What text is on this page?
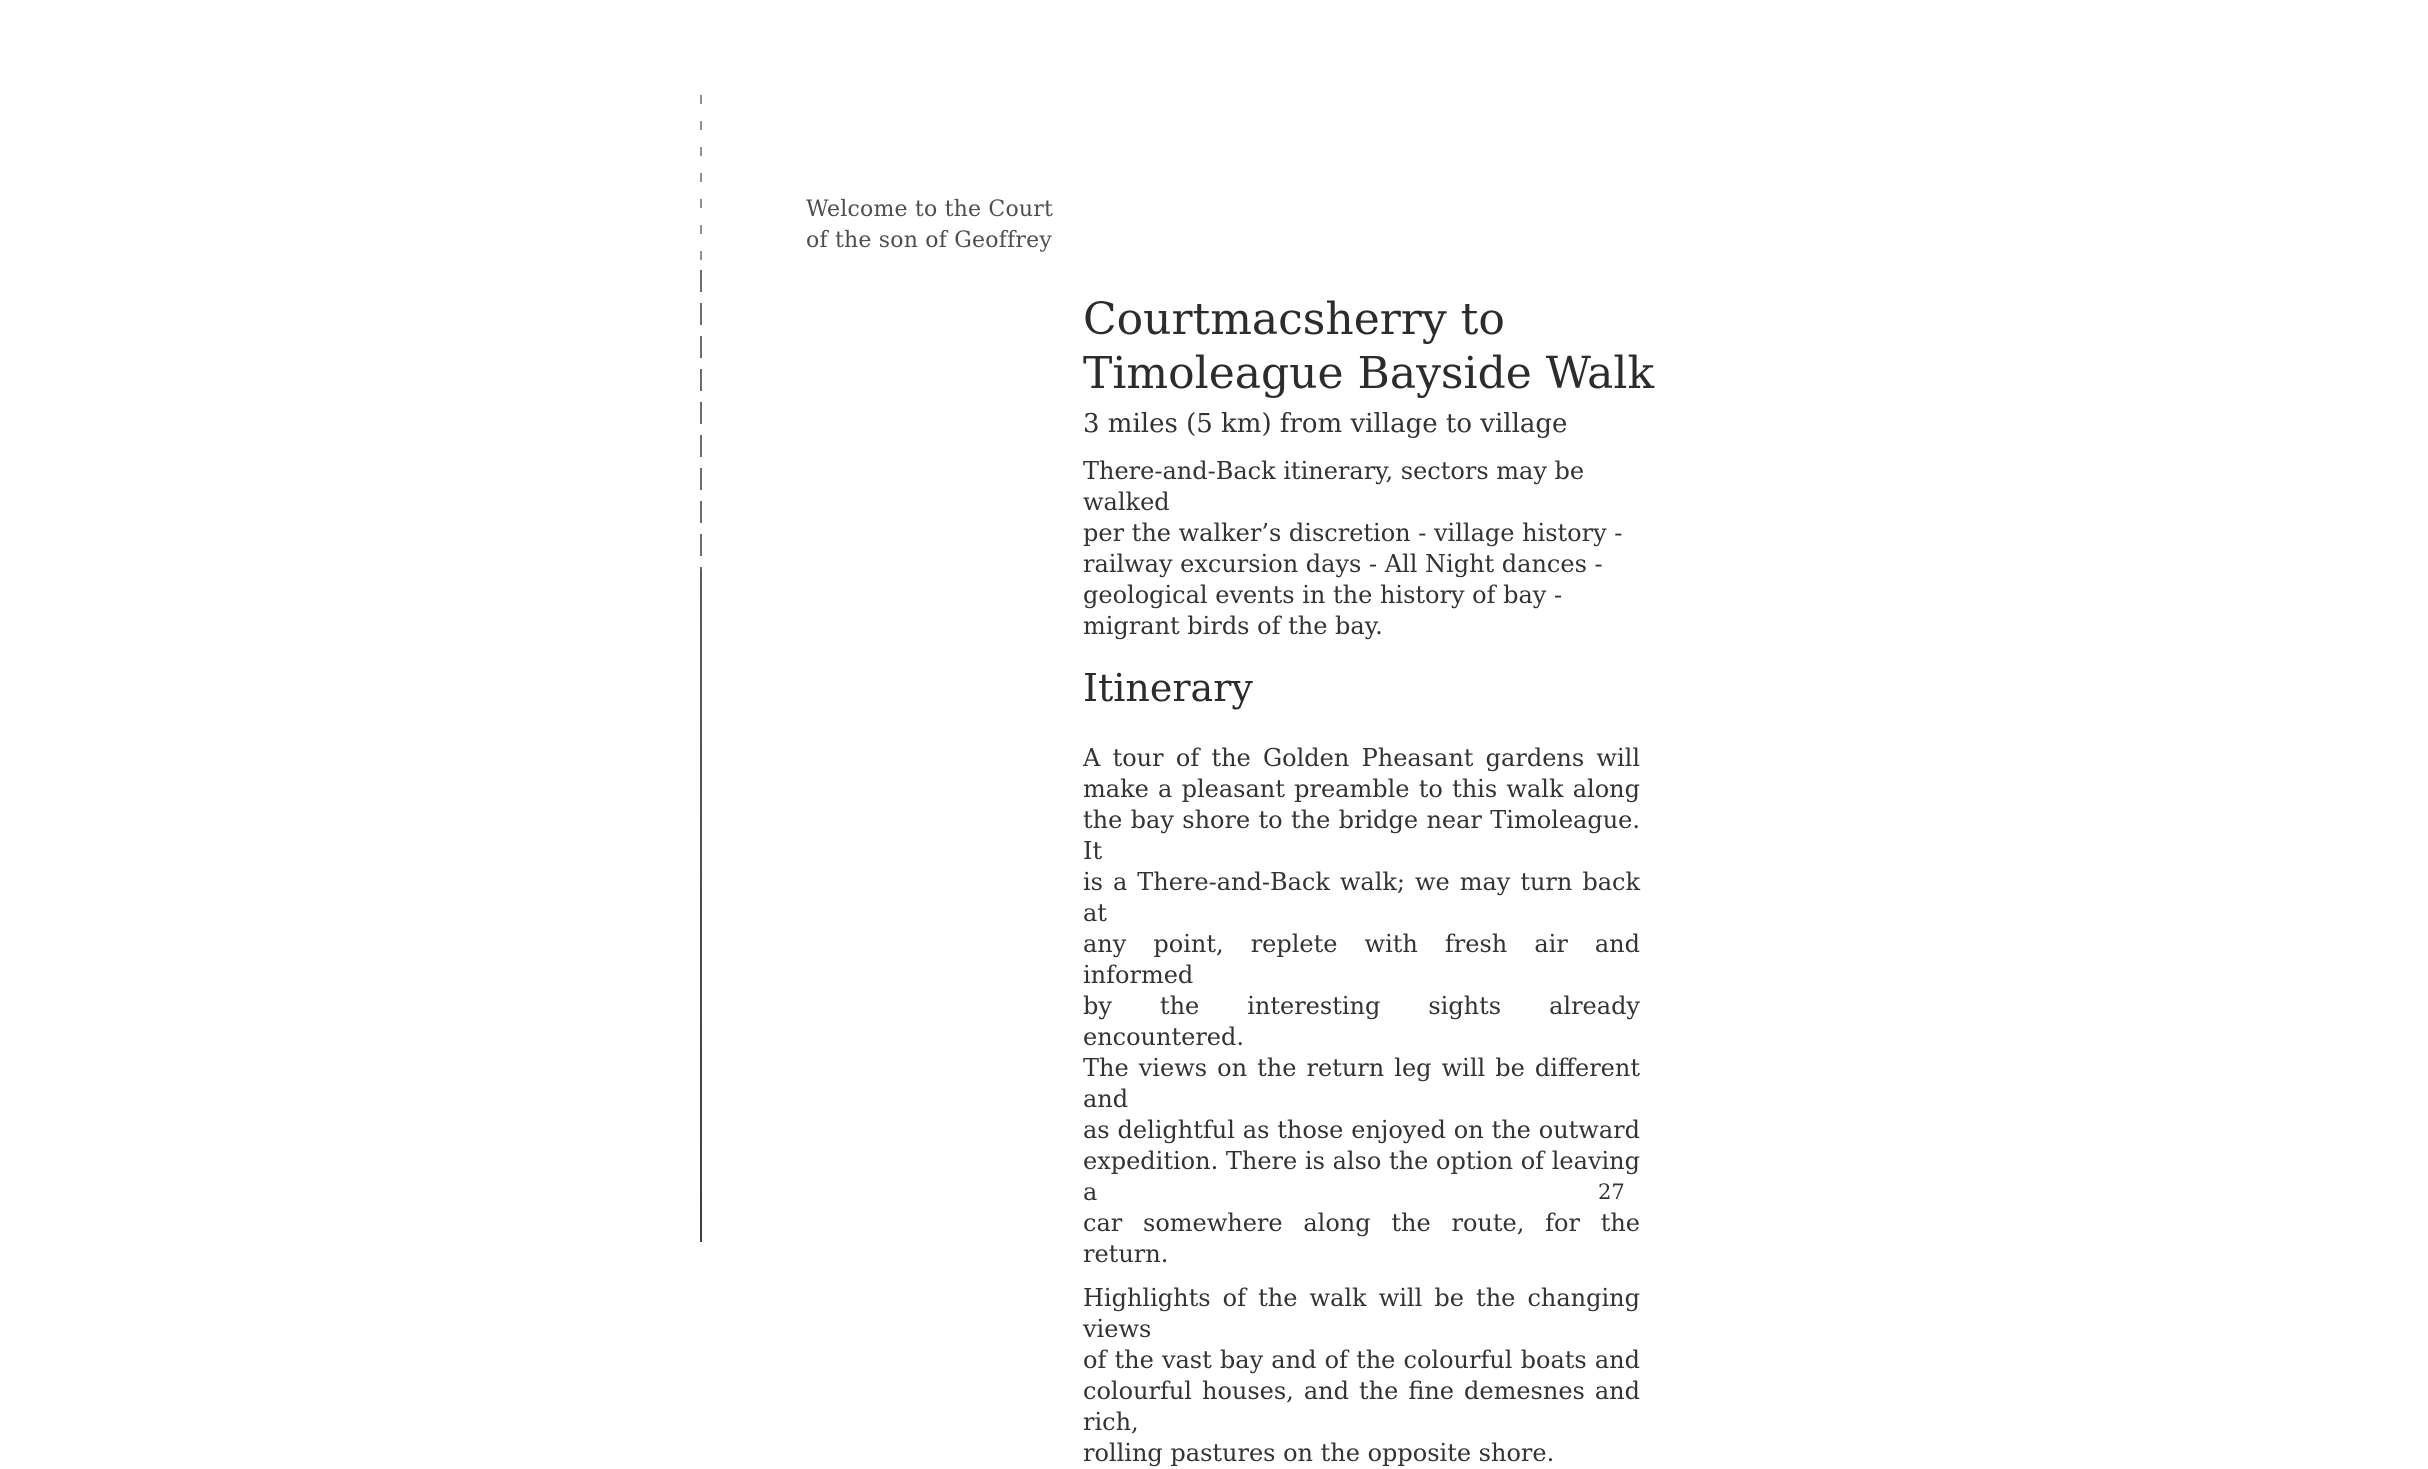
Welcome to the Court
of the son of Geoffrey
Courtmacsherry to
Timoleague Bayside Walk
3 miles (5 km) from village to village
There-and-Back itinerary, sectors may be walked
per the walker’s discretion - village history -
railway excursion days - All Night dances -
geological events in the history of bay -
migrant birds of the bay.
Itinerary
A tour of the Golden Pheasant gardens will
make a pleasant preamble to this walk along
the bay shore to the bridge near Timoleague. It
is a There-and-Back walk; we may turn back at
any point, replete with fresh air and informed
by the interesting sights already encountered.
The views on the return leg will be different and
as delightful as those enjoyed on the outward
expedition. There is also the option of leaving a
car somewhere along the route, for the return.
Highlights of the walk will be the changing views
of the vast bay and of the colourful boats and
colourful houses, and the fine demesnes and rich,
rolling pastures on the opposite shore.
27
